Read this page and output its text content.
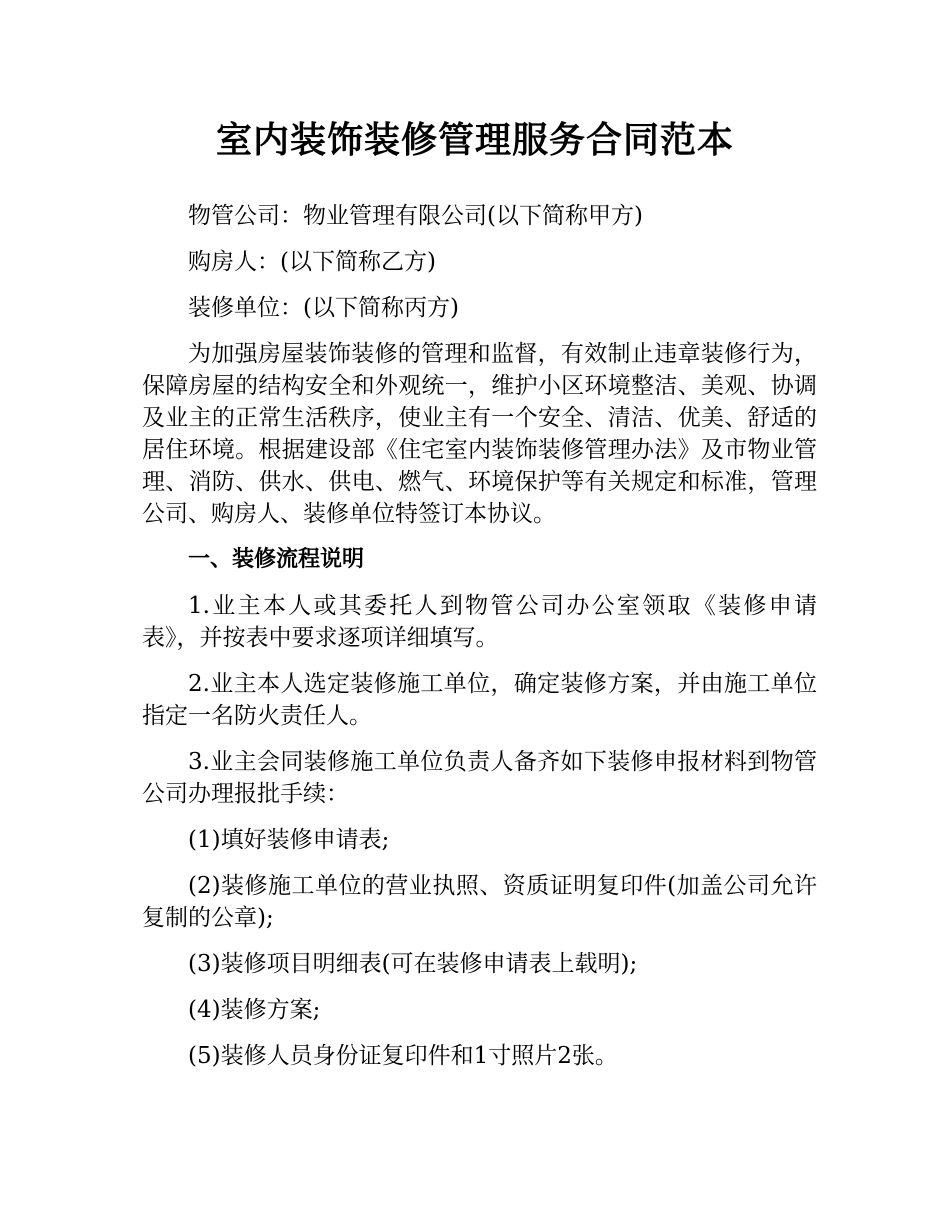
室内装饰装修管理服务合同范本

物管公司：物业管理有限公司(以下简称甲方)

购房人：(以下简称乙方)

装修单位：(以下简称丙方)

为加强房屋装饰装修的管理和监督，有效制止违章装修行为，保障房屋的结构安全和外观统一，维护小区环境整洁、美观、协调及业主的正常生活秩序，使业主有一个安全、清洁、优美、舒适的居住环境。根据建设部《住宅室内装饰装修管理办法》及市物业管理、消防、供水、供电、燃气、环境保护等有关规定和标准，管理公司、购房人、装修单位特签订本协议。

一、装修流程说明

1.业主本人或其委托人到物管公司办公室领取《装修申请表》，并按表中要求逐项详细填写。

2.业主本人选定装修施工单位，确定装修方案，并由施工单位指定一名防火责任人。

3.业主会同装修施工单位负责人备齐如下装修申报材料到物管公司办理报批手续：

(1)填好装修申请表;

(2)装修施工单位的营业执照、资质证明复印件(加盖公司允许复制的公章);

(3)装修项目明细表(可在装修申请表上载明);

(4)装修方案;

(5)装修人员身份证复印件和1寸照片2张。
